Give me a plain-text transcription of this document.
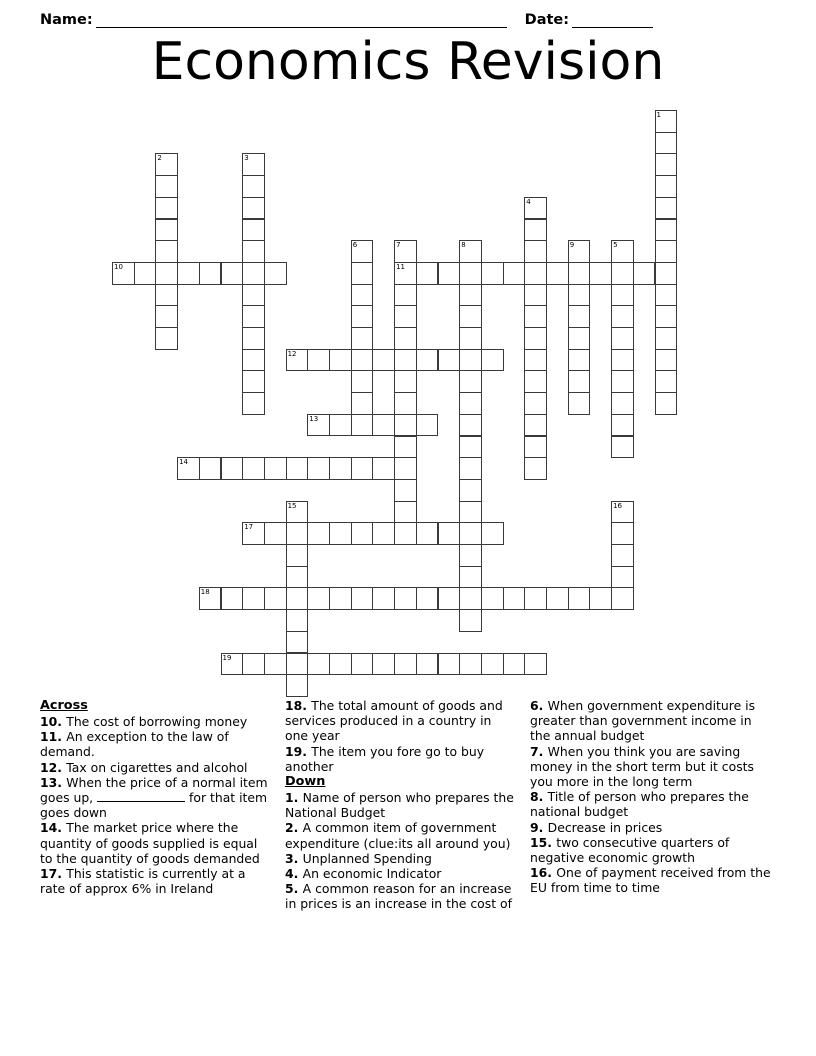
Name:	Date:
Economics Revision
1
2	3
4
5
6	7
11
8	9
10
12
13
14
15	16
17
18
19
Across
10. The cost of borrowing money
11. An exception to the law of demand.
12. Tax on cigarettes and alcohol
13. When the price of a normal item goes up,	for that item goes down
14. The market price where the quantity of goods supplied is equal to the quantity of goods demanded
17. This statistic is currently at a rate of approx 6% in Ireland
18. The total amount of goods and services produced in a country in one year
19. The item you fore go to buy another
Down
1. Name of person who prepares the National Budget
2. A common item of government expenditure (clue:its all around you)
3. Unplanned Spending
4. An economic Indicator
5. A common reason for an increase in prices is an increase in the cost of
6. When government expenditure is greater than government income in the annual budget
7. When you think you are saving money in the short term but it costs you more in the long term
8. Title of person who prepares the national budget
9. Decrease in prices
15. two consecutive quarters of negative economic growth
16. One of payment received from the EU from time to time
